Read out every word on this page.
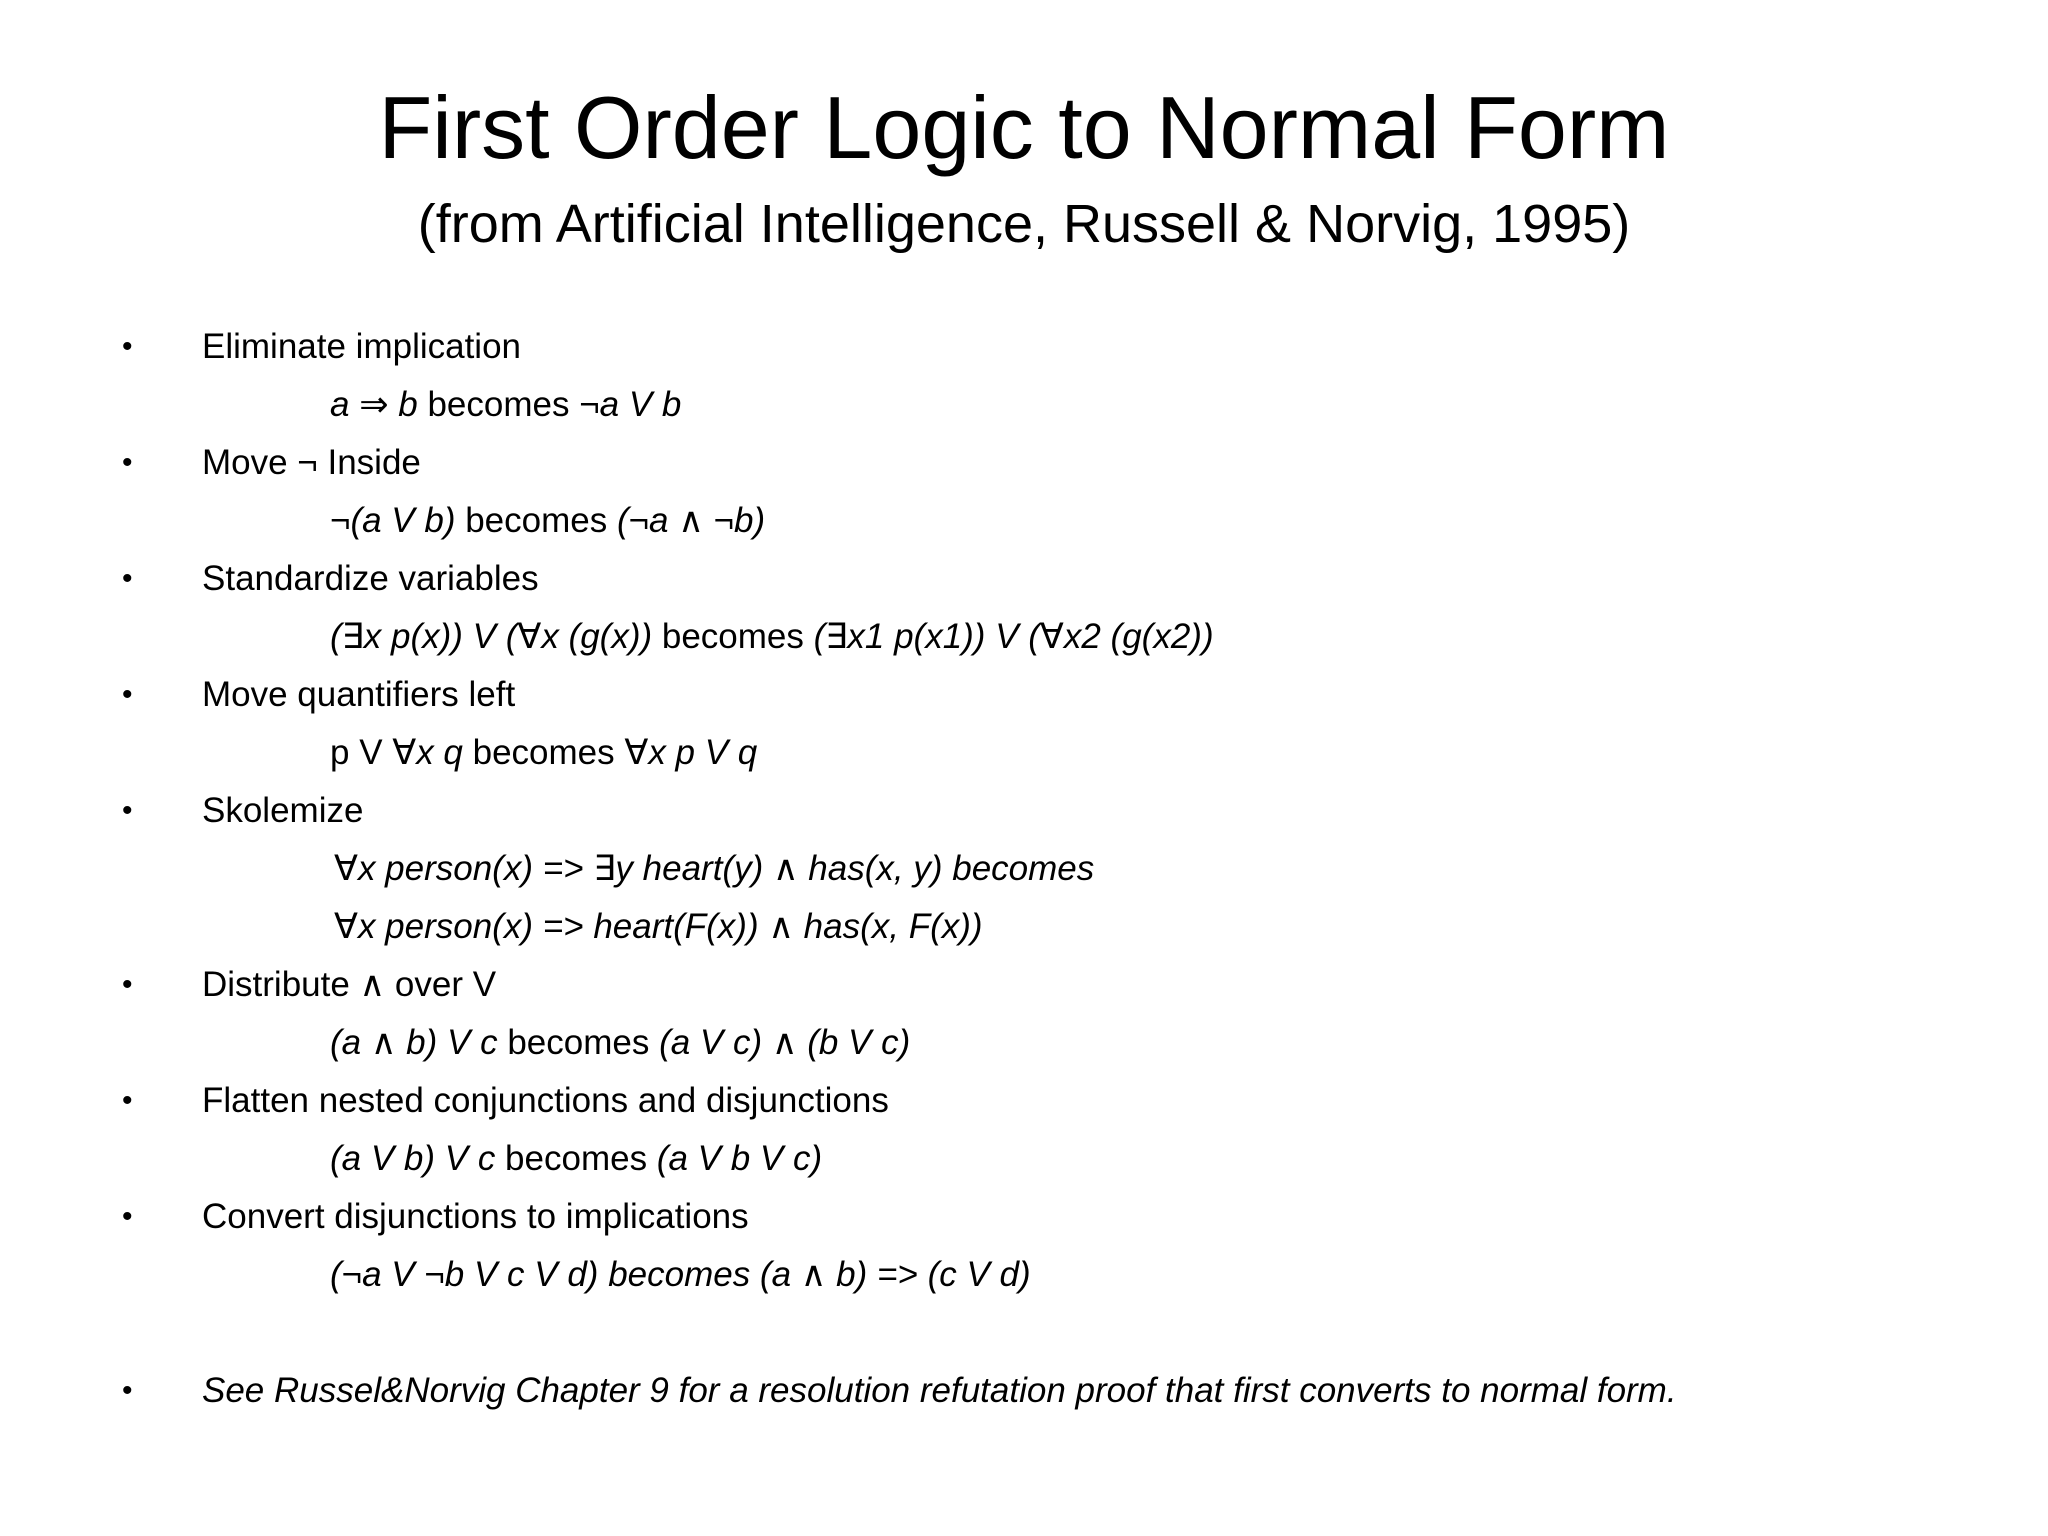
First Order Logic to Normal Form
(from Artificial Intelligence, Russell & Norvig, 1995)
• Eliminate implication
a ⇒ b becomes ¬a V b
• Move ¬ Inside
¬(a V b) becomes (¬a ∧ ¬b)
• Standardize variables
(∃x p(x)) V (∀x (g(x)) becomes (∃x1 p(x1)) V (∀x2 (g(x2))
• Move quantifiers left
p V ∀x q becomes ∀x p V q
• Skolemize
∀x person(x) => ∃y heart(y) ∧ has(x, y) becomes
∀x person(x) => heart(F(x)) ∧ has(x, F(x))
• Distribute ∧ over V
(a ∧ b) V c becomes (a V c) ∧ (b V c)
• Flatten nested conjunctions and disjunctions
(a V b) V c becomes (a V b V c)
• Convert disjunctions to implications
(¬a V ¬b V c V d) becomes (a ∧ b) => (c V d)
• See Russel&Norvig Chapter 9 for a resolution refutation proof that first converts to normal form.
